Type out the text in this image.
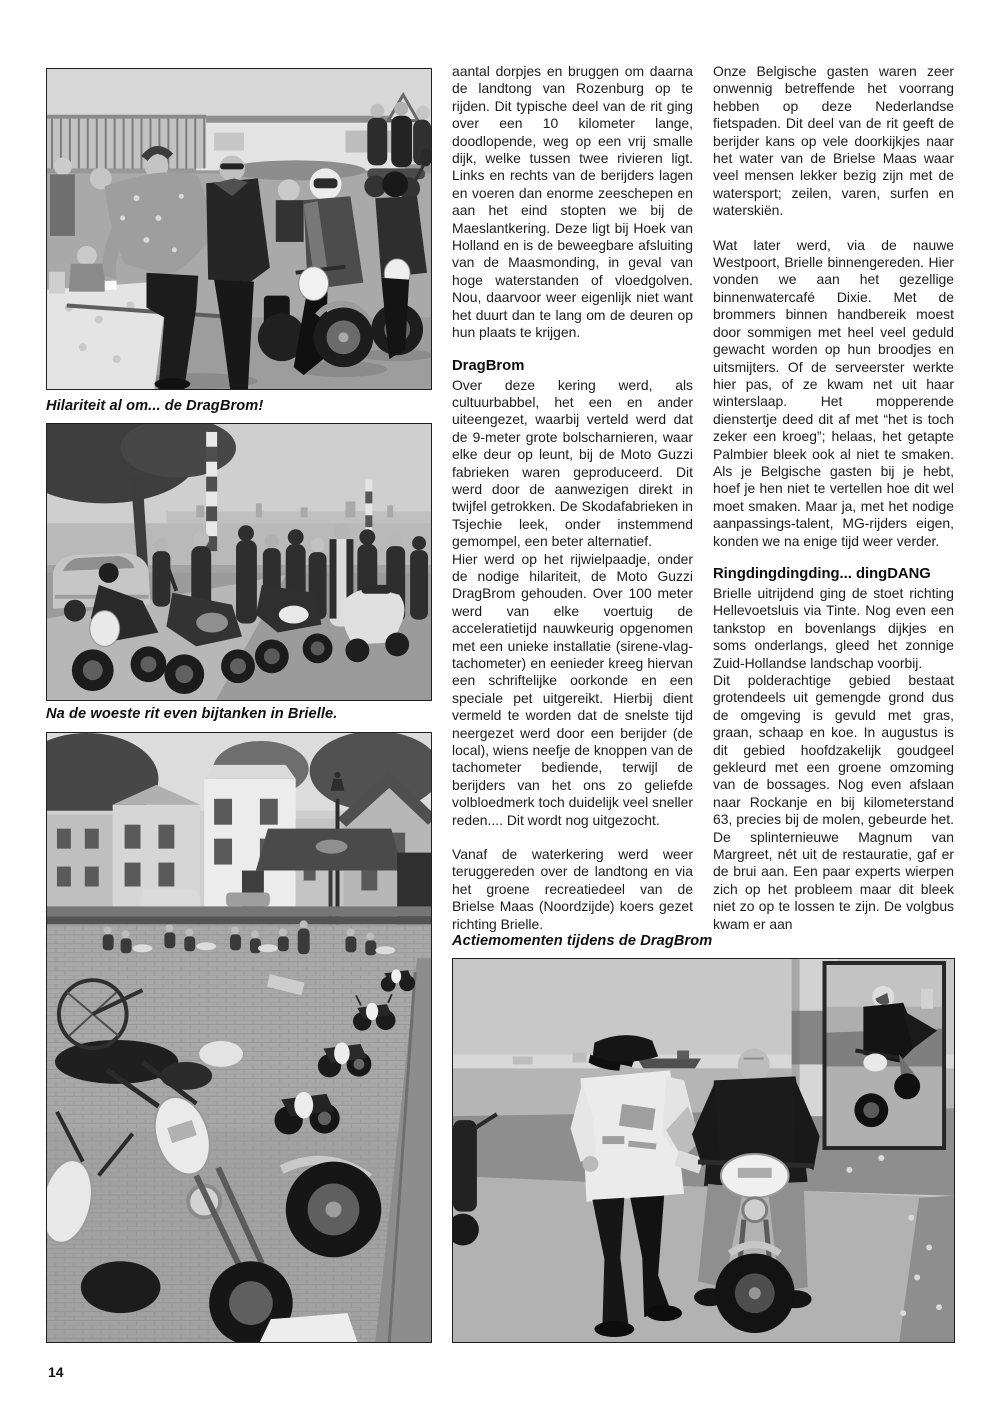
Hilariteit al om... de DragBrom!
Na de woeste rit even bijtanken in Brielle.

aantal dorpjes en bruggen om daarna de landtong van Rozenburg op te rijden. Dit typische deel van de rit ging over een 10 kilometer lange, doodlopende, weg op een vrij smalle dijk, welke tussen twee rivieren ligt. Links en rechts van de berijders lagen en voeren dan enorme zeeschepen en aan het eind stopten we bij de Maeslantkering. Deze ligt bij Hoek van Holland en is de beweegbare afsluiting van de Maasmonding, in geval van hoge waterstanden of vloedgolven. Nou, daarvoor weer eigenlijk niet want het duurt dan te lang om de deuren op hun plaats te krijgen.

DragBrom

Over deze kering werd, als cultuurbabbel, het een en ander uiteengezet, waarbij verteld werd dat de 9-meter grote bolscharnieren, waar elke deur op leunt, bij de Moto Guzzi fabrieken waren geproduceerd. Dit werd door de aanwezigen direkt in twijfel getrokken. De Skodafabrieken in Tsjechie leek, onder instemmend gemompel, een beter alternatief.

Hier werd op het rijwielpaadje, onder de nodige hilariteit, de Moto Guzzi DragBrom gehouden. Over 100 meter werd van elke voertuig de acceleratietijd nauwkeurig opgenomen met een unieke installatie (sirene-vlag-tachometer) en eenieder kreeg hiervan een schriftelijke oorkonde en een speciale pet uitgereikt. Hierbij dient vermeld te worden dat de snelste tijd neergezet werd door een berijder (de local), wiens neefje de knoppen van de tachometer bediende, terwijl de berijders van het ons zo geliefde volbloedmerk toch duidelijk veel sneller reden.... Dit wordt nog uitgezocht.

Vanaf de waterkering werd weer teruggereden over de landtong en via het groene recreatiedeel van de Brielse Maas (Noordzijde) koers gezet richting Brielle.

Onze Belgische gasten waren zeer onwennig betreffende het voorrang hebben op deze Nederlandse fietspaden. Dit deel van de rit geeft de berijder kans op vele doorkijkjes naar het water van de Brielse Maas waar veel mensen lekker bezig zijn met de watersport; zeilen, varen, surfen en waterskiën.

Wat later werd, via de nauwe Westpoort, Brielle binnengereden. Hier vonden we aan het gezellige binnenwatercafé Dixie. Met de brommers binnen handbereik moest door sommigen met heel veel geduld gewacht worden op hun broodjes en uitsmijters. Of de serveerster werkte hier pas, of ze kwam net uit haar winterslaap. Het mopperende dienstertje deed dit af met “het is toch zeker een kroeg”; helaas, het getapte Palmbier bleek ook al niet te smaken. Als je Belgische gasten bij je hebt, hoef je hen niet te vertellen hoe dit wel moet smaken. Maar ja, met het nodige aanpassings-talent, MG-rijders eigen, konden we na enige tijd weer verder.

Ringdingdingding... dingDANG

Brielle uitrijdend ging de stoet richting Hellevoetsluis via Tinte. Nog even een tankstop en bovenlangs dijkjes en soms onderlangs, gleed het zonnige Zuid-Hollandse landschap voorbij.

Dit polderachtige gebied bestaat grotendeels uit gemengde grond dus de omgeving is gevuld met gras, graan, schaap en koe. In augustus is dit gebied hoofdzakelijk goudgeel gekleurd met een groene omzoming van de bossages. Nog even afslaan naar Rockanje en bij kilometerstand 63, precies bij de molen, gebeurde het. De splinternieuwe Magnum van Margreet, nét uit de restauratie, gaf er de brui aan. Een paar experts wierpen zich op het probleem maar dit bleek niet zo op te lossen te zijn. De volgbus kwam er aan

Actiemomenten tijdens de DragBrom
14
